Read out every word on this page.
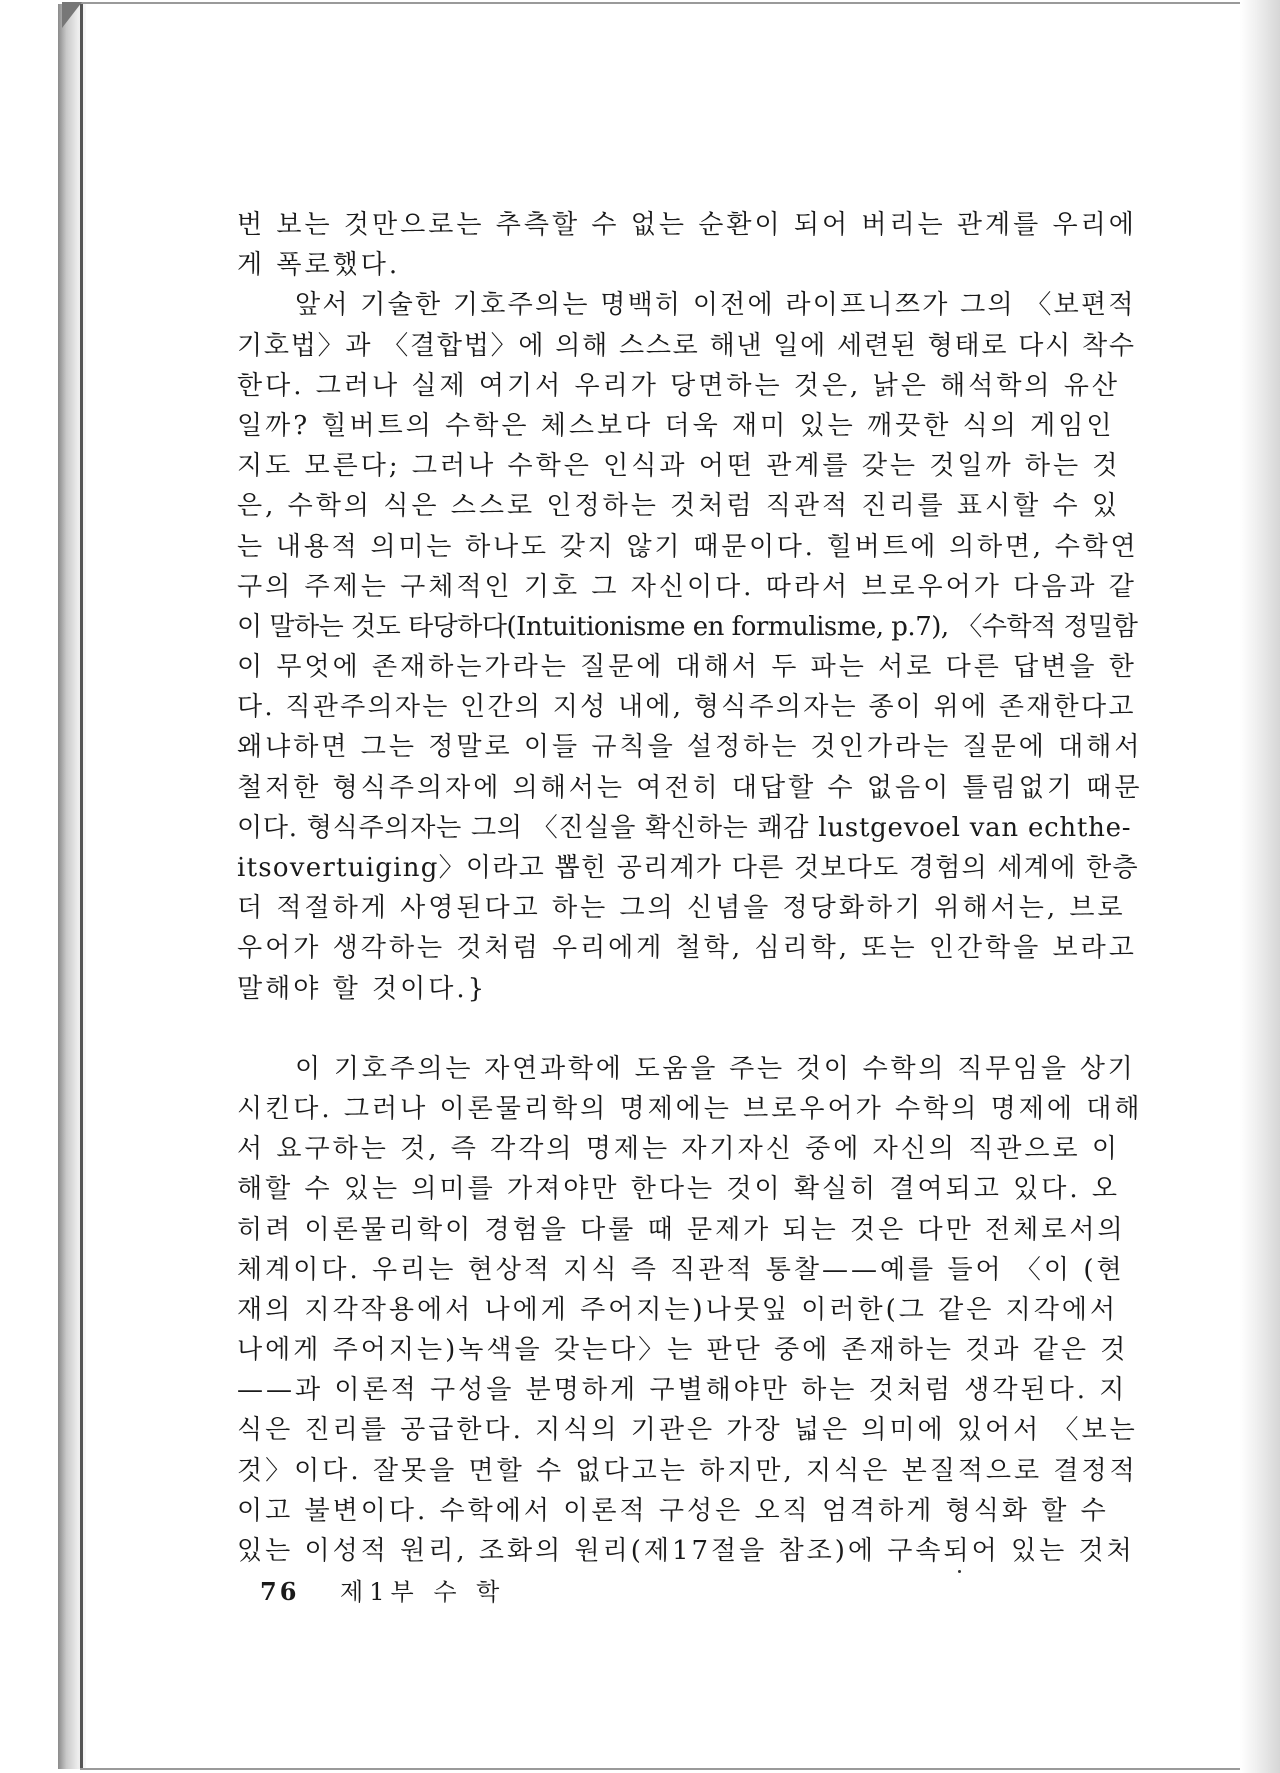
번 보는 것만으로는 추측할 수 없는 순환이 되어 버리는 관계를 우리에
게 폭로했다.
앞서 기술한 기호주의는 명백히 이전에 라이프니쯔가 그의 〈보편적
기호법〉과 〈결합법〉에 의해 스스로 해낸 일에 세련된 형태로 다시 착수
한다. 그러나 실제 여기서 우리가 당면하는 것은, 낡은 해석학의 유산
일까? 힐버트의 수학은 체스보다 더욱 재미 있는 깨끗한 식의 게임인
지도 모른다; 그러나 수학은 인식과 어떤 관계를 갖는 것일까 하는 것
은, 수학의 식은 스스로 인정하는 것처럼 직관적 진리를 표시할 수 있
는 내용적 의미는 하나도 갖지 않기 때문이다. 힐버트에 의하면, 수학연
구의 주제는 구체적인 기호 그 자신이다. 따라서 브로우어가 다음과 같
이 말하는 것도 타당하다(Intuitionisme en formulisme, p.7), 〈수학적 정밀함
이 무엇에 존재하는가라는 질문에 대해서 두 파는 서로 다른 답변을 한
다. 직관주의자는 인간의 지성 내에, 형식주의자는 종이 위에 존재한다고
왜냐하면 그는 정말로 이들 규칙을 설정하는 것인가라는 질문에 대해서
철저한 형식주의자에 의해서는 여전히 대답할 수 없음이 틀림없기 때문
이다. 형식주의자는 그의 〈진실을 확신하는 쾌감 lustgevoel van echthe-
itsovertuiging〉이라고 뽑힌 공리계가 다른 것보다도 경험의 세계에 한층
더 적절하게 사영된다고 하는 그의 신념을 정당화하기 위해서는, 브로
우어가 생각하는 것처럼 우리에게 철학, 심리학, 또는 인간학을 보라고
말해야 할 것이다.}
이 기호주의는 자연과학에 도움을 주는 것이 수학의 직무임을 상기
시킨다. 그러나 이론물리학의 명제에는 브로우어가 수학의 명제에 대해
서 요구하는 것, 즉 각각의 명제는 자기자신 중에 자신의 직관으로 이
해할 수 있는 의미를 가져야만 한다는 것이 확실히 결여되고 있다. 오
히려 이론물리학이 경험을 다룰 때 문제가 되는 것은 다만 전체로서의
체계이다. 우리는 현상적 지식 즉 직관적 통찰——예를 들어 〈이 (현
재의 지각작용에서 나에게 주어지는)나뭇잎 이러한(그 같은 지각에서
나에게 주어지는)녹색을 갖는다〉는 판단 중에 존재하는 것과 같은 것
——과 이론적 구성을 분명하게 구별해야만 하는 것처럼 생각된다. 지
식은 진리를 공급한다. 지식의 기관은 가장 넓은 의미에 있어서 〈보는
것〉이다. 잘못을 면할 수 없다고는 하지만, 지식은 본질적으로 결정적
이고 불변이다. 수학에서 이론적 구성은 오직 엄격하게 형식화 할 수
있는 이성적 원리, 조화의 원리(제17절을 참조)에 구속되어 있는 것처
76 제1부 수 학
